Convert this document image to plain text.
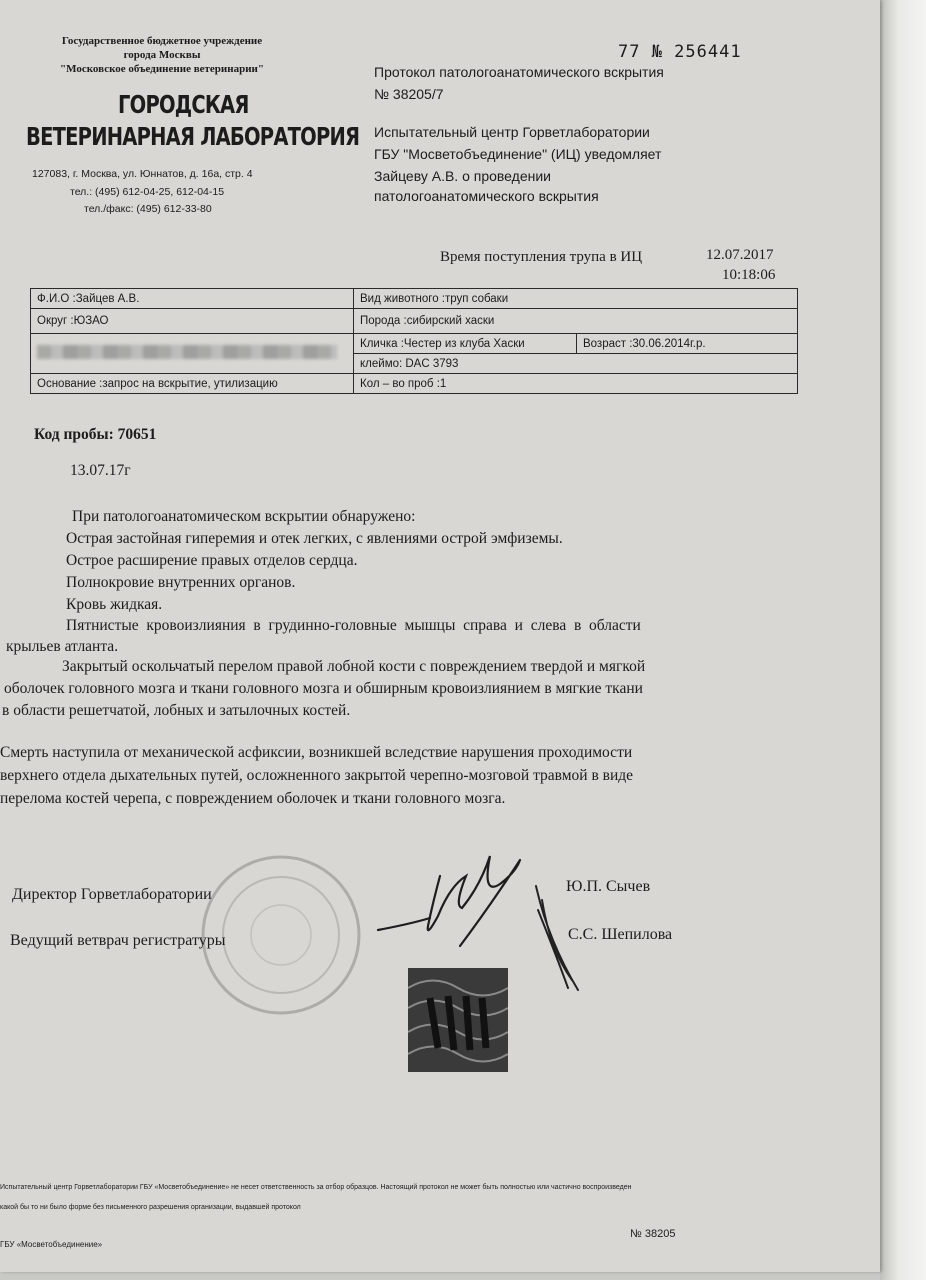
Государственное бюджетное учреждение
города Москвы
"Московское объединение ветеринарии"
ГОРОДСКАЯ
ВЕТЕРИНАРНАЯ ЛАБОРАТОРИЯ
127083, г. Москва, ул. Юннатов, д. 16а, стр. 4
тел.: (495) 612-04-25, 612-04-15
тел./факс: (495) 612-33-80
77 № 256441
Протокол патологоанатомического вскрытия
№ 38205/7
Испытательный центр Горветлаборатории
ГБУ "Мосветобъединение" (ИЦ) уведомляет
Зайцеву А.В. о проведении
патологоанатомического вскрытия
Время поступления трупа в ИЦ	12.07.2017
10:18:06
Ф.И.О :Зайцев А.В.	Вид животного :труп собаки
Округ :ЮЗАО	Порода :сибирский хаски
	Кличка :Честер из клуба Хаски	Возраст :30.06.2014г.р.
клеймо: DAC 3793
Основание :запрос на вскрытие, утилизацию	Кол – во проб :1
Код пробы: 70651
13.07.17г
При патологоанатомическом вскрытии обнаружено:
Острая застойная гиперемия и отек легких, с явлениями острой эмфиземы.
Острое расширение правых отделов сердца.
Полнокровие внутренних органов.
Кровь жидкая.
Пятнистые  кровоизлияния  в  грудинно-головные  мышцы  справа  и  слева  в  области
крыльев атланта.
Закрытый оскольчатый перелом правой лобной кости с повреждением твердой и мягкой
оболочек головного мозга и ткани головного мозга и обширным кровоизлиянием в мягкие ткани
в области решетчатой, лобных и затылочных костей.
Смерть наступила от механической асфиксии, возникшей вследствие нарушения проходимости
верхнего отдела дыхательных путей, осложненного закрытой черепно-мозговой травмой в виде
перелома костей черепа, с повреждением оболочек и ткани головного мозга.
Директор Горветлаборатории	Ю.П. Сычев
Ведущий ветврач регистратуры	С.С. Шепилова
Испытательный центр Горветлаборатории ГБУ «Мосветобъединение» не несет ответственность за отбор образцов. Настоящий протокол не может быть полностью или частично воспроизведен
какой бы то ни было форме без письменного разрешения организации, выдавшей протокол
№ 38205
ГБУ «Мосветобъединение»
